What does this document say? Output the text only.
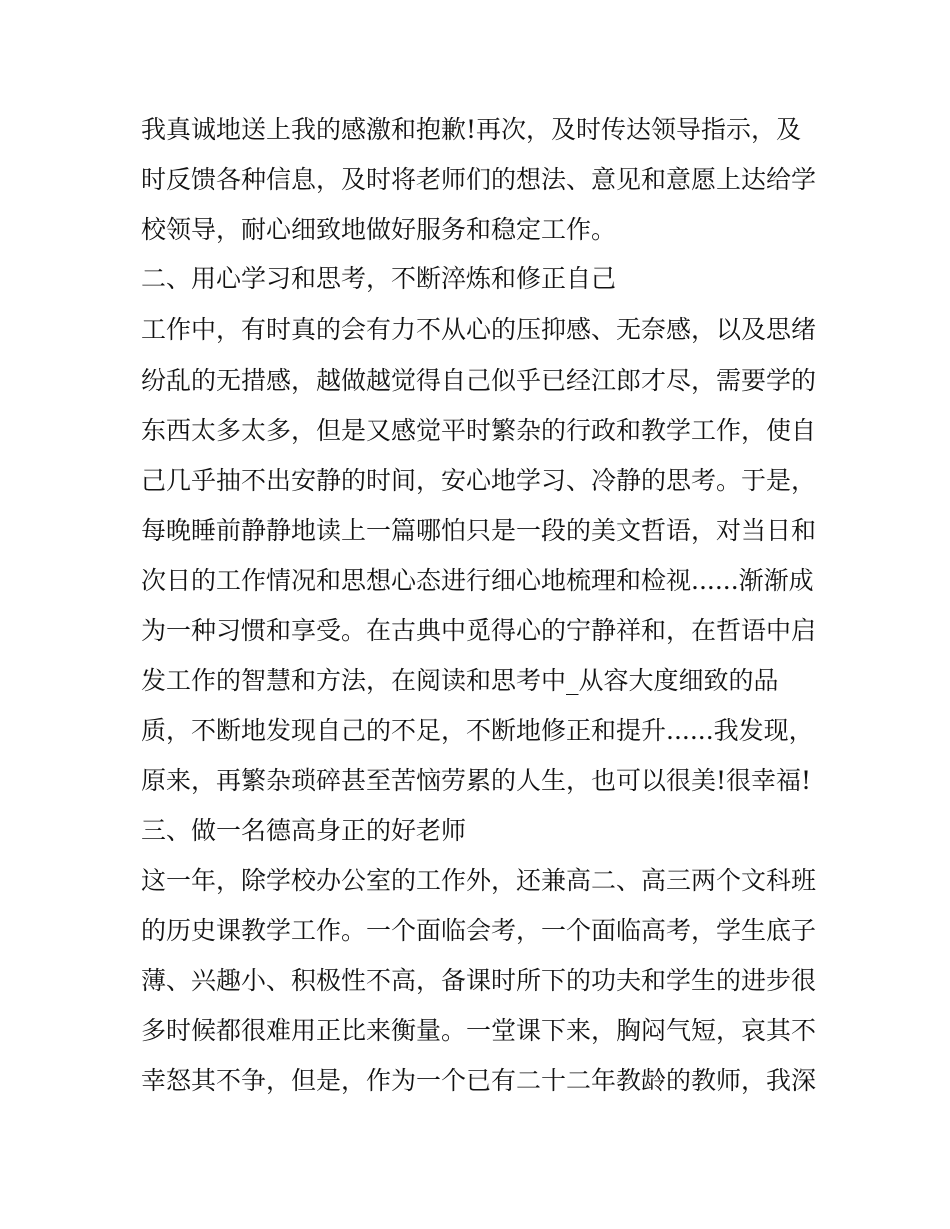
我真诚地送上我的感激和抱歉!再次，及时传达领导指示，及
时反馈各种信息，及时将老师们的想法、意见和意愿上达给学
校领导，耐心细致地做好服务和稳定工作。
二、用心学习和思考，不断淬炼和修正自己
工作中，有时真的会有力不从心的压抑感、无奈感，以及思绪
纷乱的无措感，越做越觉得自己似乎已经江郎才尽，需要学的
东西太多太多，但是又感觉平时繁杂的行政和教学工作，使自
己几乎抽不出安静的时间，安心地学习、冷静的思考。于是，
每晚睡前静静地读上一篇哪怕只是一段的美文哲语，对当日和
次日的工作情况和思想心态进行细心地梳理和检视......渐渐成
为一种习惯和享受。在古典中觅得心的宁静祥和，在哲语中启
发工作的智慧和方法，在阅读和思考中_从容大度细致的品
质，不断地发现自己的不足，不断地修正和提升......我发现，
原来，再繁杂琐碎甚至苦恼劳累的人生，也可以很美!很幸福!
三、做一名德高身正的好老师
这一年，除学校办公室的工作外，还兼高二、高三两个文科班
的历史课教学工作。一个面临会考，一个面临高考，学生底子
薄、兴趣小、积极性不高，备课时所下的功夫和学生的进步很
多时候都很难用正比来衡量。一堂课下来，胸闷气短，哀其不
幸怒其不争，但是，作为一个已有二十二年教龄的教师，我深
